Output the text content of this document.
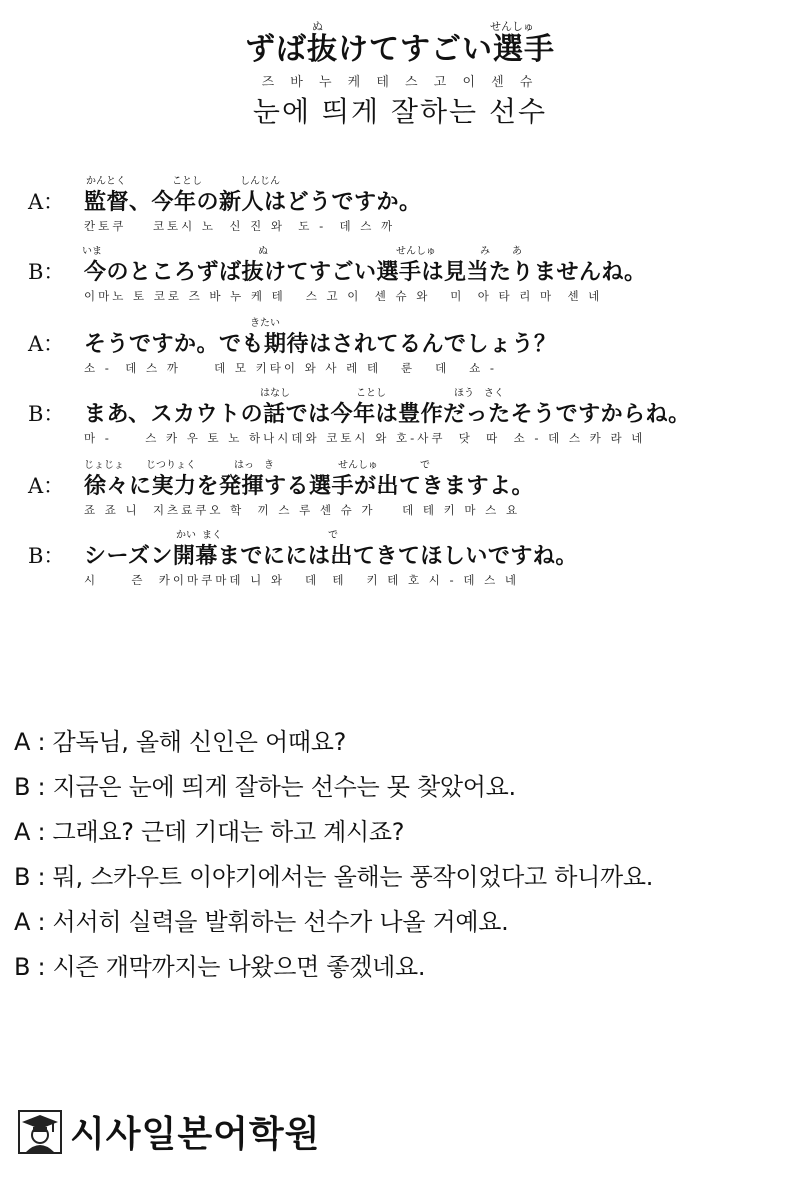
ぬ	せんしゅ
ずば抜けてすごい選手
즈 바 누 케 테 스 고 이 센 슈
눈에 띄게 잘하는 선수
かんとく	ことし	しんじん
A： 監督、今年の新人はどうですか。
칸토쿠    코토시 노  신 진 와  도 -  데 스 까
いま	ぬ	せんしゅ	み あ
B： 今のところずば抜けてすごい選手は見当たりませんね。
이마노 토 코로 즈 바 누 케 테   스 고 이  센 슈 와   미  아 타 리 마  센 네
きたい
A： そうですか。でも期待はされてるんでしょう？
소 -  데 스 까     데 모 키타이 와 사 레 테   룬   데   쇼 -
はなし	ことし	ほう さく
B： まあ、スカウトの話では今年は豊作だったそうですからね。
마 -     스 카 우 토 노 하나시데와 코토시 와 호-사쿠  닷  따  소 - 데 스 카 라 네
じょじょ じつりょく	はっ き	せんしゅ	で
A： 徐々に実力を発揮する選手が出てきますよ。
죠 죠 니  지츠료쿠오 학  끼 스 루 센 슈 가    데 테 키 마 스 요
かい まく	で
B： シーズン開幕までにには出てきてほしいですね。
시     즌  카이마쿠마데 니 와   데  테   키 테 호 시 - 데 스 네
A : 감독님, 올해 신인은 어때요?
B : 지금은 눈에 띄게 잘하는 선수는 못 찾았어요.
A : 그래요? 근데 기대는 하고 계시죠?
B : 뭐, 스카우트 이야기에서는 올해는 풍작이었다고 하니까요.
A : 서서히 실력을 발휘하는 선수가 나올 거예요.
B : 시즌 개막까지는 나왔으면 좋겠네요.
시사일본어학원
